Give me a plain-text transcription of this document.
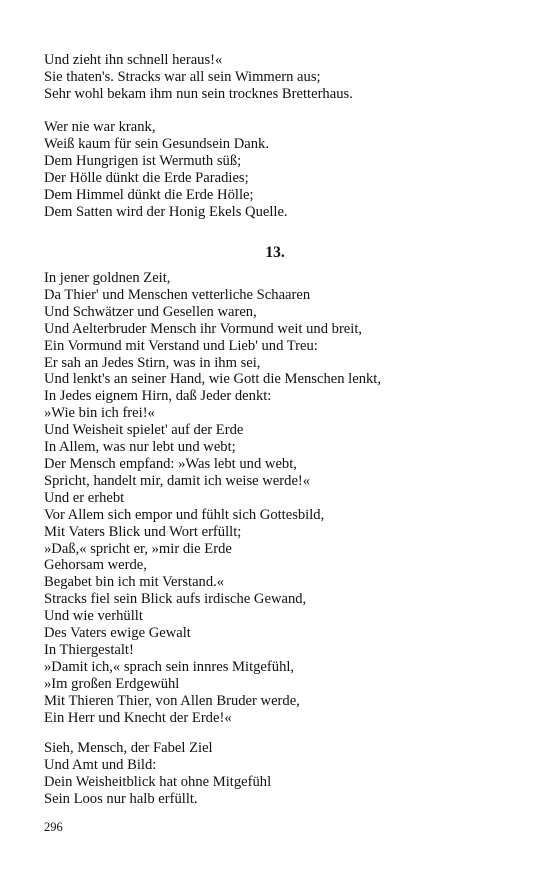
Und zieht ihn schnell heraus!«
Sie thaten's. Stracks war all sein Wimmern aus;
Sehr wohl bekam ihm nun sein trocknes Bretterhaus.
Wer nie war krank,
Weiß kaum für sein Gesundsein Dank.
Dem Hungrigen ist Wermuth süß;
Der Hölle dünkt die Erde Paradies;
Dem Himmel dünkt die Erde Hölle;
Dem Satten wird der Honig Ekels Quelle.
13.
In jener goldnen Zeit,
Da Thier' und Menschen vetterliche Schaaren
Und Schwätzer und Gesellen waren,
Und Aelterbruder Mensch ihr Vormund weit und breit,
Ein Vormund mit Verstand und Lieb' und Treu:
Er sah an Jedes Stirn, was in ihm sei,
Und lenkt's an seiner Hand, wie Gott die Menschen lenkt,
In Jedes eignem Hirn, daß Jeder denkt:
»Wie bin ich frei!«
Und Weisheit spielet' auf der Erde
In Allem, was nur lebt und webt;
Der Mensch empfand: »Was lebt und webt,
Spricht, handelt mir, damit ich weise werde!«
Und er erhebt
Vor Allem sich empor und fühlt sich Gottesbild,
Mit Vaters Blick und Wort erfüllt;
»Daß,« spricht er, »mir die Erde
Gehorsam werde,
Begabet bin ich mit Verstand.«
Stracks fiel sein Blick aufs irdische Gewand,
Und wie verhüllt
Des Vaters ewige Gewalt
In Thiergestalt!
»Damit ich,« sprach sein innres Mitgefühl,
»Im großen Erdgewühl
Mit Thieren Thier, von Allen Bruder werde,
Ein Herr und Knecht der Erde!«
Sieh, Mensch, der Fabel Ziel
Und Amt und Bild:
Dein Weisheitblick hat ohne Mitgefühl
Sein Loos nur halb erfüllt.
296
